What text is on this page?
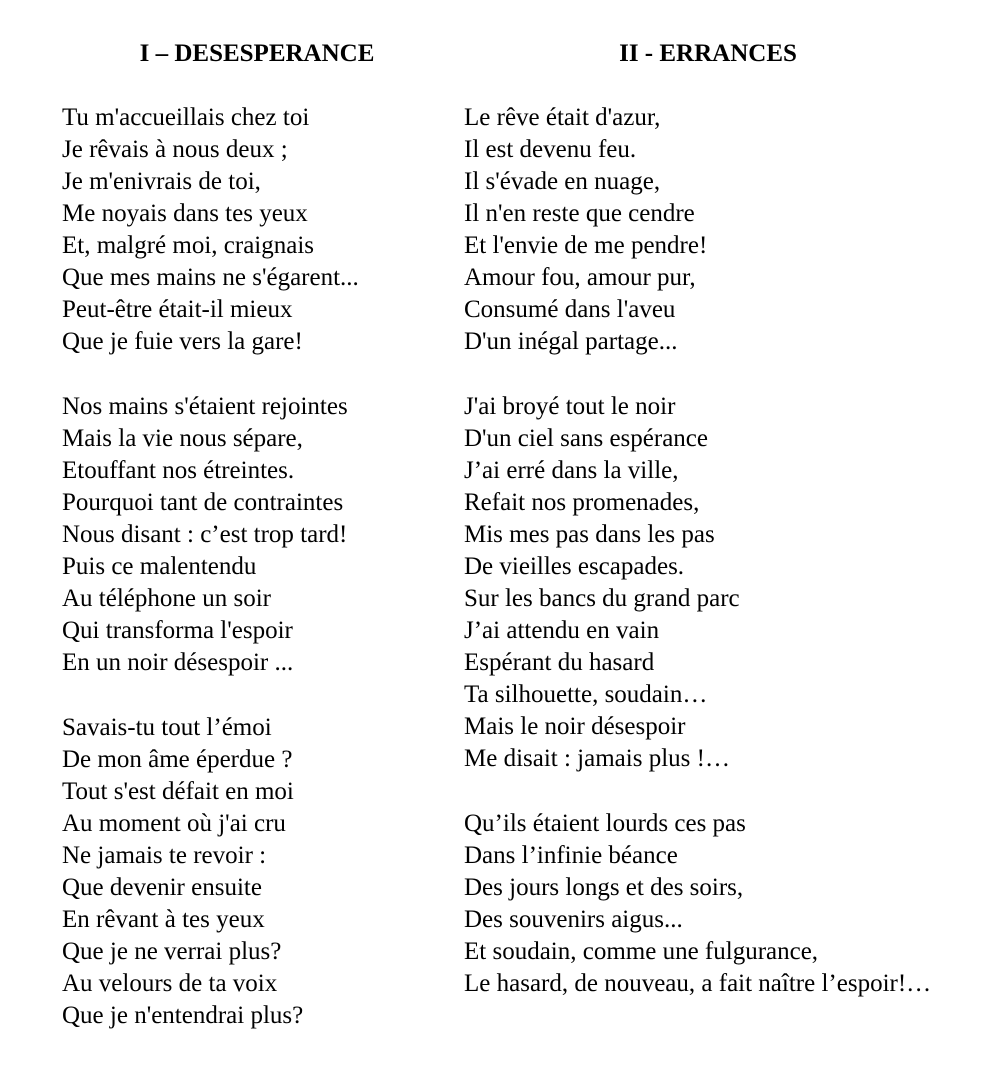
I – DESESPERANCE
Tu m'accueillais chez toi
Je rêvais à nous deux ;
Je m'enivrais de toi,
Me noyais dans tes yeux
Et, malgré moi, craignais
Que mes mains ne s'égarent...
Peut-être était-il mieux
Que je fuie vers la gare!
Nos mains s'étaient rejointes
Mais la vie nous sépare,
Etouffant nos étreintes.
Pourquoi tant de contraintes
Nous disant : c’est trop tard!
Puis ce malentendu
Au téléphone un soir
Qui transforma l'espoir
En un noir désespoir ...
Savais-tu tout l’émoi
De mon âme éperdue ?
Tout s'est défait en moi
Au moment où j'ai cru
Ne jamais te revoir :
Que devenir ensuite
En rêvant à tes yeux
Que je ne verrai plus?
Au velours de ta voix
Que je n'entendrai plus?
II - ERRANCES
Le rêve était d'azur,
Il est devenu feu.
Il s'évade en nuage,
Il n'en reste que cendre
Et l'envie de me pendre!
Amour fou, amour pur,
Consumé dans l'aveu
D'un inégal partage...
J'ai broyé tout le noir
D'un ciel sans espérance
J’ai erré dans la ville,
Refait nos promenades,
Mis mes pas dans les pas
De vieilles escapades.
Sur les bancs du grand parc
J’ai attendu en vain
Espérant du hasard
Ta silhouette, soudain…
Mais le noir désespoir
Me disait : jamais plus !…
Qu’ils étaient lourds ces pas
Dans l’infinie béance
Des jours longs et des soirs,
Des souvenirs aigus...
Et soudain, comme une fulgurance,
Le hasard, de nouveau, a fait naître l’espoir!…
